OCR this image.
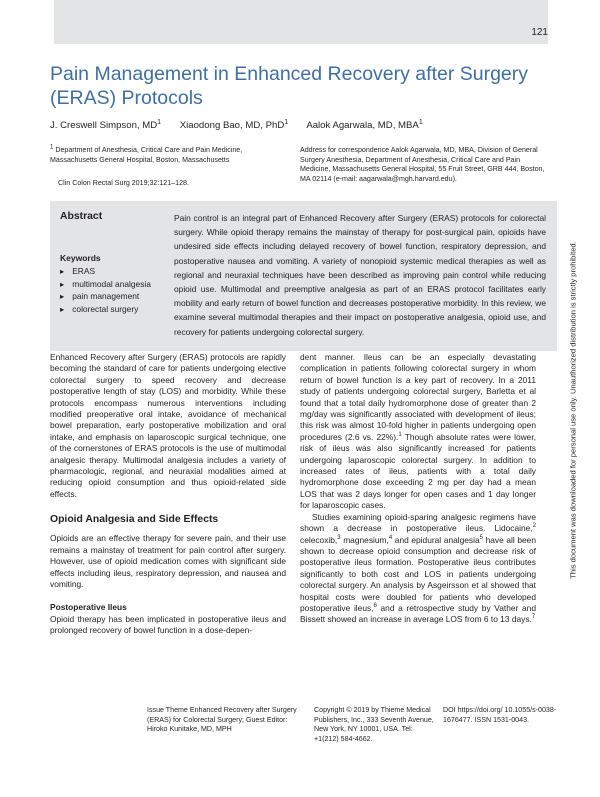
121
Pain Management in Enhanced Recovery after Surgery (ERAS) Protocols
J. Creswell Simpson, $MD^1$ Xiaodong Bao, MD, PhD$^1$ Aalok Agarwala, MD, MBA$^1$
$^1$ Department of Anesthesia, Critical Care and Pain Medicine, Massachusetts General Hospital, Boston, Massachusetts
Clin Colon Rectal Surg 2019;32:121–128.
Address for correspondence Aalok Agarwala, MD, MBA, Division of General Surgery Anesthesia, Department of Anesthesia, Critical Care and Pain Medicine, Massachusetts General Hospital, 55 Fruit Street, GRB 444, Boston, MA 02114 (e-mail: aagarwala@mgh.harvard.edu).
Abstract
Keywords
▸ ERAS
▸ multimodal analgesia
▸ pain management
▸ colorectal surgery
Pain control is an integral part of Enhanced Recovery after Surgery (ERAS) protocols for colorectal surgery. While opioid therapy remains the mainstay of therapy for post-surgical pain, opioids have undesired side effects including delayed recovery of bowel function, respiratory depression, and postoperative nausea and vomiting. A variety of nonopioid systemic medical therapies as well as regional and neuraxial techniques have been described as improving pain control while reducing opioid use. Multimodal and preemptive analgesia as part of an ERAS protocol facilitates early mobility and early return of bowel function and decreases postoperative morbidity. In this review, we examine several multimodal therapies and their impact on postoperative analgesia, opioid use, and recovery for patients undergoing colorectal surgery.

Enhanced Recovery after Surgery (ERAS) protocols are rapidly becoming the standard of care for patients undergoing elective colorectal surgery to speed recovery and decrease postoperative length of stay (LOS) and morbidity. While these protocols encompass numerous interventions including modified preoperative oral intake, avoidance of mechanical bowel preparation, early postoperative mobilization and oral intake, and emphasis on laparoscopic surgical technique, one of the cornerstones of ERAS protocols is the use of multimodal analgesic therapy. Multimodal analgesia includes a variety of pharmacologic, regional, and neuraxial modalities aimed at reducing opioid consumption and thus opioid-related side effects.

Opioid Analgesia and Side Effects

Opioids are an effective therapy for severe pain, and their use remains a mainstay of treatment for pain control after surgery. However, use of opioid medication comes with significant side effects including ileus, respiratory depression, and nausea and vomiting.

Postoperative Ileus

Opioid therapy has been implicated in postoperative ileus and prolonged recovery of bowel function in a dose-depen-

dent manner. Ileus can be an especially devastating complication in patients following colorectal surgery in whom return of bowel function is a key part of recovery. In a 2011 study of patients undergoing colorectal surgery, Barletta et al found that a total daily hydromorphone dose of greater than 2 mg/day was significantly associated with development of ileus; this risk was almost 10-fold higher in patients undergoing open procedures (2.6 vs. 22%).$^1$ Though absolute rates were lower, risk of ileus was also significantly increased for patients undergoing laparoscopic colorectal surgery. In addition to increased rates of ileus, patients with a total daily hydromorphone dose exceeding 2 mg per day had a mean LOS that was 2 days longer for open cases and 1 day longer for laparoscopic cases.

Studies examining opioid-sparing analgesic regimens have shown a decrease in postoperative ileus. Lidocaine,$^2$ celecoxib,$^3$ magnesium,$^4$ and epidural analgesia$^5$ have all been shown to decrease opioid consumption and decrease risk of postoperative ileus formation. Postoperative ileus contributes significantly to both cost and LOS in patients undergoing colorectal surgery. An analysis by Asgeirsson et al showed that hospital costs were doubled for patients who developed postoperative ileus,$^6$ and a retrospective study by Vather and Bissett showed an increase in average LOS from 6 to 13 days.$^7$

Issue Theme Enhanced Recovery after Surgery (ERAS) for Colorectal Surgery; Guest Editor: Hiroko Kunitake, MD, MPH
Copyright © 2019 by Thieme Medical Publishers, Inc., 333 Seventh Avenue, New York, NY 10001, USA. Tel: +1(212) 584-4662.
DOI https://doi.org/ 10.1055/s-0038-1676477. ISSN 1531-0043.
This document was downloaded for personal use only. Unauthorized distribution is strictly prohibited.
